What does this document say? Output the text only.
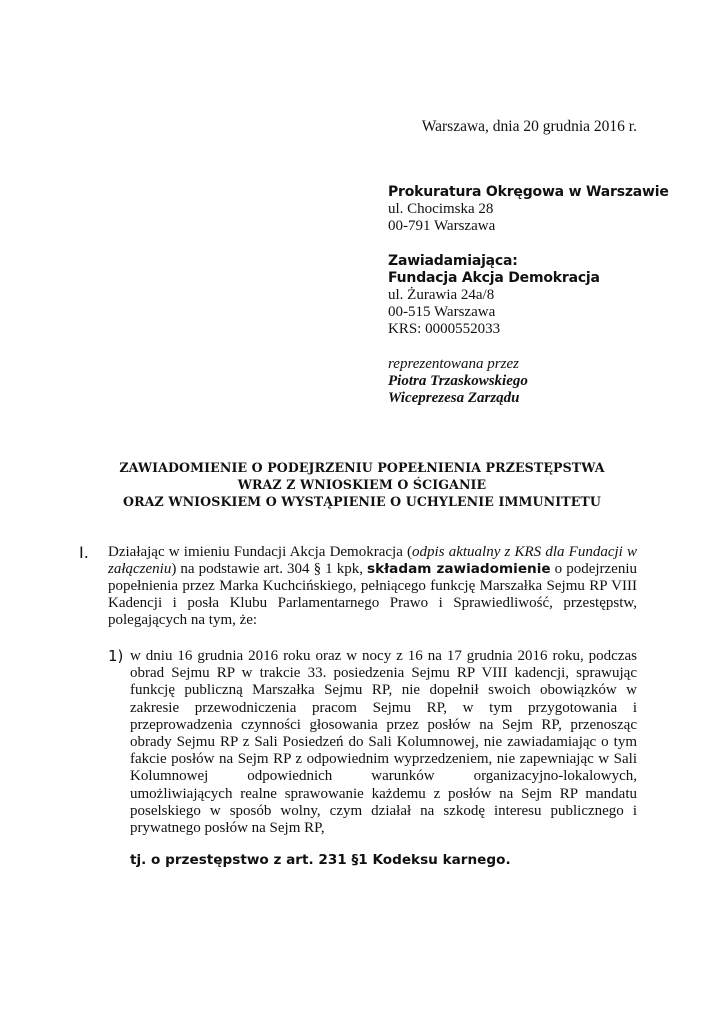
Warszawa, dnia 20 grudnia 2016 r.
Prokuratura Okręgowa w Warszawie
ul. Chocimska 28
00-791 Warszawa
Zawiadamiająca:
Fundacja Akcja Demokracja
ul. Żurawia 24a/8
00-515 Warszawa
KRS: 0000552033
reprezentowana przez
Piotra Trzaskowskiego
Wiceprezesa Zarządu
ZAWIADOMIENIE O PODEJRZENIU POPEŁNIENIA PRZESTĘPSTWA
WRAZ Z WNIOSKIEM O ŚCIGANIE
ORAZ WNIOSKIEM O WYSTĄPIENIE O UCHYLENIE IMMUNITETU
I. Działając w imieniu Fundacji Akcja Demokracja (odpis aktualny z KRS dla Fundacji w załączeniu) na podstawie art. 304 § 1 kpk, składam zawiadomienie o podejrzeniu popełnienia przez Marka Kuchcińskiego, pełniącego funkcję Marszałka Sejmu RP VIII Kadencji i posła Klubu Parlamentarnego Prawo i Sprawiedliwość, przestępstw, polegających na tym, że:
1) w dniu 16 grudnia 2016 roku oraz w nocy z 16 na 17 grudnia 2016 roku, podczas obrad Sejmu RP w trakcie 33. posiedzenia Sejmu RP VIII kadencji, sprawując funkcję publiczną Marszałka Sejmu RP, nie dopełnił swoich obowiązków w zakresie przewodniczenia pracom Sejmu RP, w tym przygotowania i przeprowadzenia czynności głosowania przez posłów na Sejm RP, przenosząc obrady Sejmu RP z Sali Posiedzeń do Sali Kolumnowej, nie zawiadamiając o tym fakcie posłów na Sejm RP z odpowiednim wyprzedzeniem, nie zapewniając w Sali Kolumnowej odpowiednich warunków organizacyjno-lokalowych, umożliwiających realne sprawowanie każdemu z posłów na Sejm RP mandatu poselskiego w sposób wolny, czym działał na szkodę interesu publicznego i prywatnego posłów na Sejm RP,
tj. o przestępstwo z art. 231 §1 Kodeksu karnego.
